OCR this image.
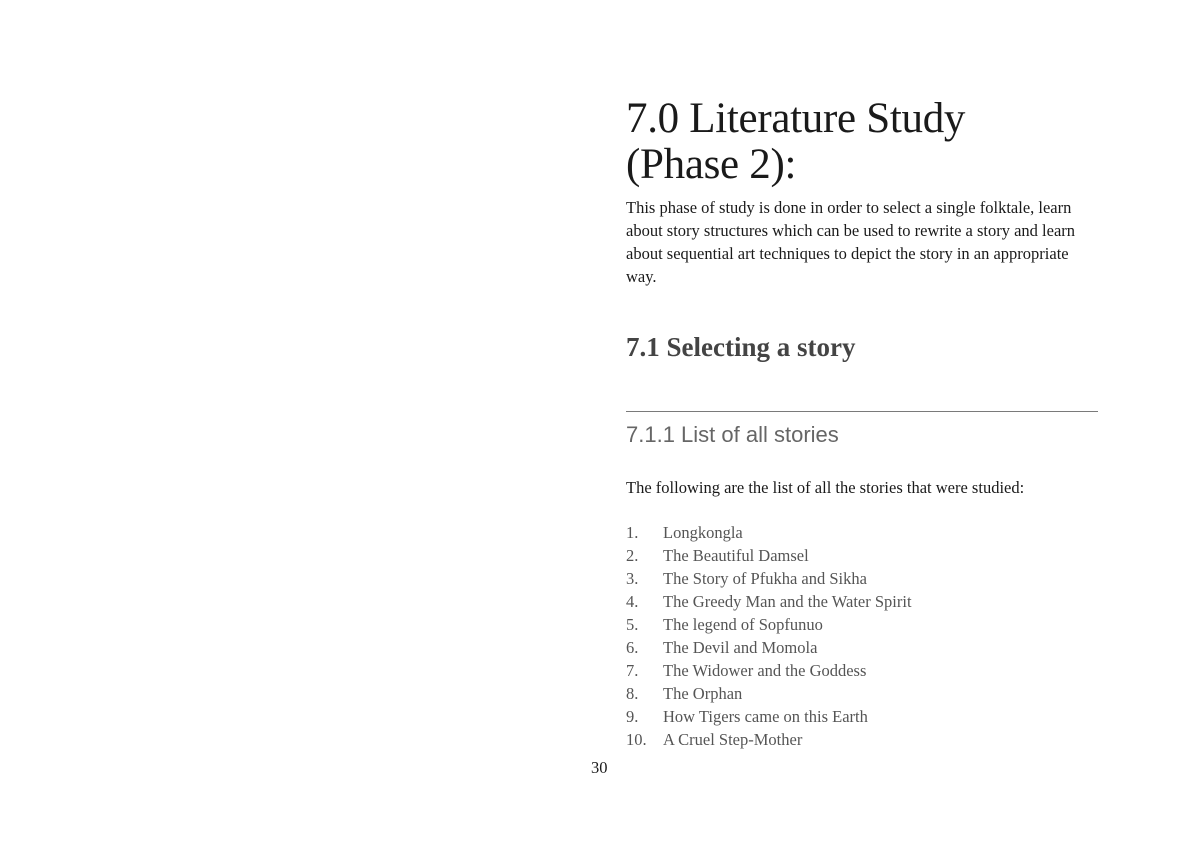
7.0 Literature Study
(Phase 2):

This phase of study is done in order to select a single folktale, learn about story structures which can be used to rewrite a story and learn about sequential art techniques to depict the story in an appropriate way.

7.1 Selecting a story
7.1.1 List of all stories

The following are the list of all the stories that were studied:

1.	Longkongla
2.	The Beautiful Damsel
3.	The Story of Pfukha and Sikha
4.	The Greedy Man and the Water Spirit
5.	The legend of Sopfunuo
6.	The Devil and Momola
7.	The Widower and the Goddess
8.	The Orphan
9.	How Tigers came on this Earth
10. A Cruel Step-Mother
30
